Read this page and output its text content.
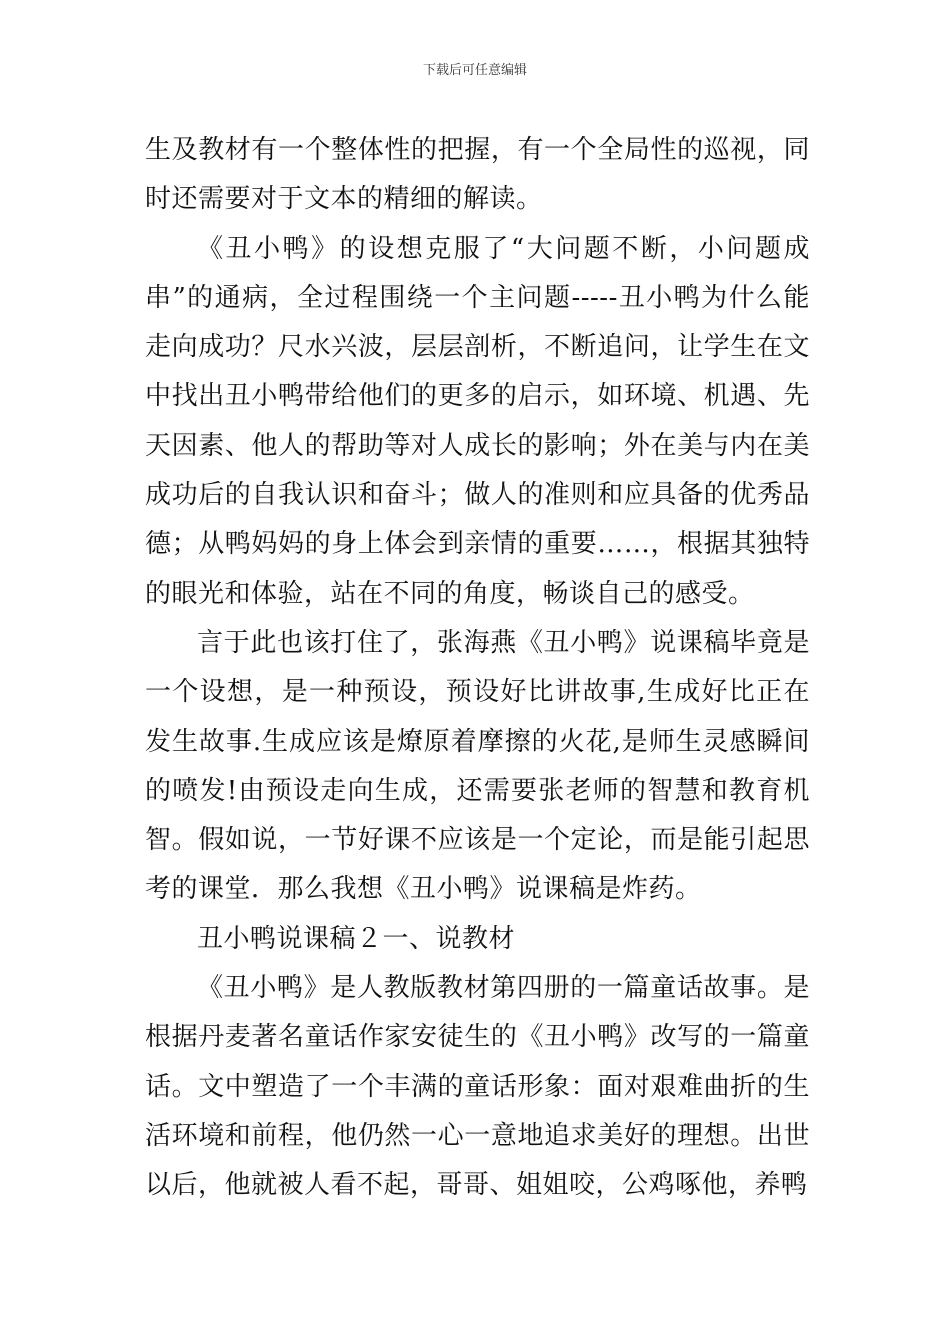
下载后可任意编辑

生及教材有一个整体性的把握，有一个全局性的巡视，同时还需要对于文本的精细的解读。

《丑小鸭》的设想克服了“大问题不断，小问题成串”的通病，全过程围绕一个主问题-----丑小鸭为什么能走向成功？尺水兴波，层层剖析，不断追问，让学生在文中找出丑小鸭带给他们的更多的启示，如环境、机遇、先天因素、他人的帮助等对人成长的影响；外在美与内在美成功后的自我认识和奋斗；做人的准则和应具备的优秀品德；从鸭妈妈的身上体会到亲情的重要……，根据其独特的眼光和体验，站在不同的角度，畅谈自己的感受。

言于此也该打住了，张海燕《丑小鸭》说课稿毕竟是一个设想，是一种预设，预设好比讲故事,生成好比正在发生故事.生成应该是燎原着摩擦的火花,是师生灵感瞬间的喷发!由预设走向生成，还需要张老师的智慧和教育机智。假如说，一节好课不应该是一个定论，而是能引起思考的课堂．那么我想《丑小鸭》说课稿是炸药。

丑小鸭说课稿２一、说教材

《丑小鸭》是人教版教材第四册的一篇童话故事。是根据丹麦著名童话作家安徒生的《丑小鸭》改写的一篇童话。文中塑造了一个丰满的童话形象：面对艰难曲折的生活环境和前程，他仍然一心一意地追求美好的理想。出世以后，他就被人看不起，哥哥、姐姐咬，公鸡啄他，养鸭
